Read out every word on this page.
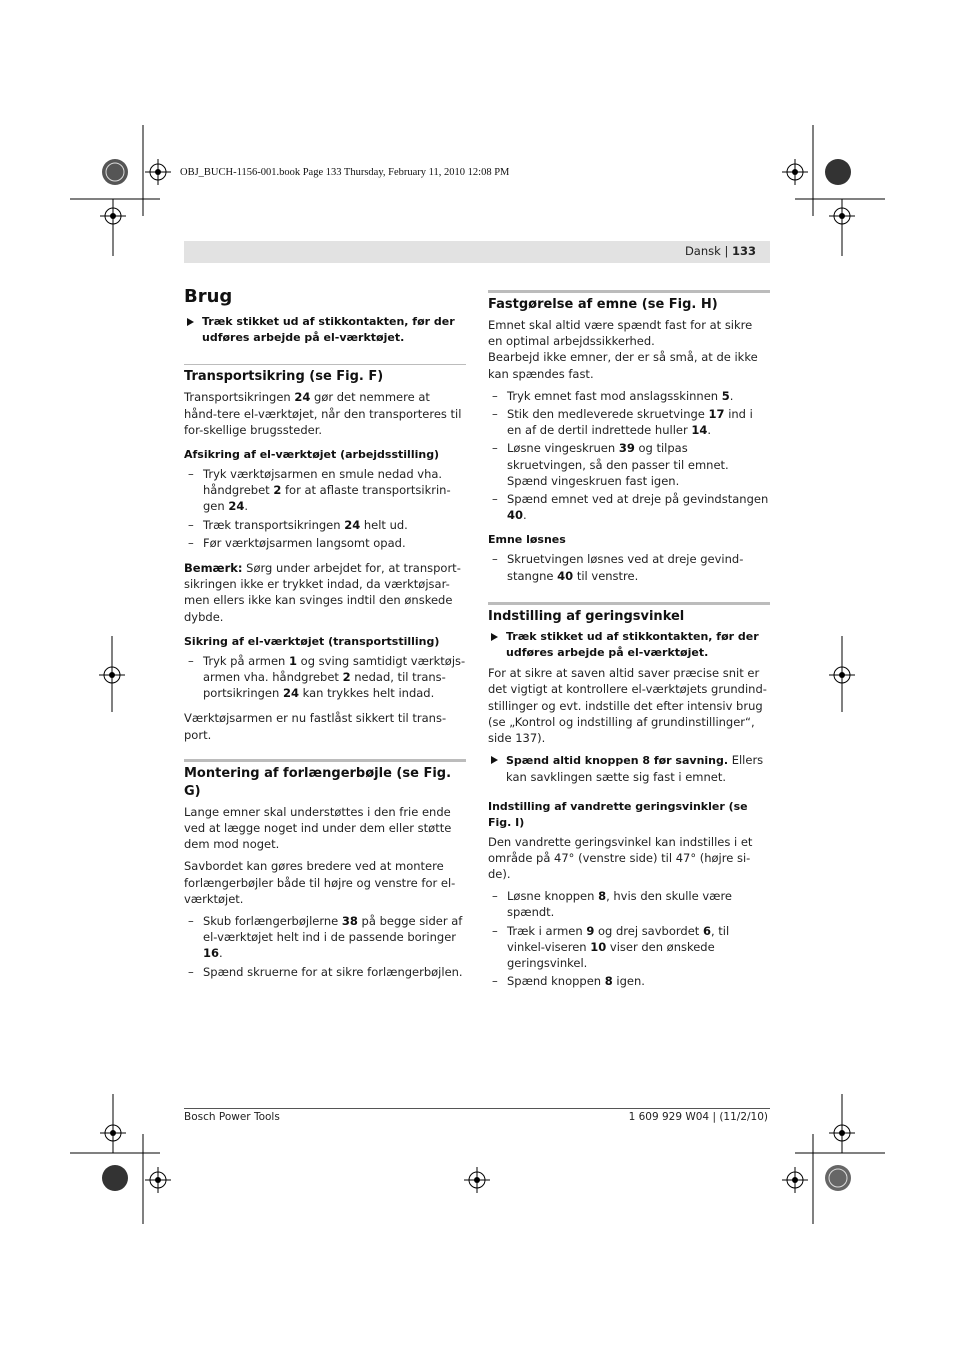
OBJ_BUCH-1156-001.book Page 133 Thursday, February 11, 2010 12:08 PM
Dansk | 133
Brug
Træk stikket ud af stikkontakten, før der udføres arbejde på el-værktøjet.
Transportsikring (se Fig. F)
Transportsikringen 24 gør det nemmere at hånd-tere el-værktøjet, når den transporteres til for-skellige brugssteder.
Afsikring af el-værktøjet (arbejdsstilling)
– Tryk værktøjsarmen en smule nedad vha. håndgrebet 2 for at aflaste transportsikrin-gen 24.
– Træk transportsikringen 24 helt ud.
– Før værktøjsarmen langsomt opad.
Bemærk: Sørg under arbejdet for, at transport-sikringen ikke er trykket indad, da værktøjsar-men ellers ikke kan svinges indtil den ønskede dybde.
Sikring af el-værktøjet (transportstilling)
– Tryk på armen 1 og sving samtidigt værktøjs-armen vha. håndgrebet 2 nedad, til trans-portsikringen 24 kan trykkes helt indad.
Værktøjsarmen er nu fastlåst sikkert til trans-port.
Montering af forlængerbøjle (se Fig. G)
Lange emner skal understøttes i den frie ende ved at lægge noget ind under dem eller støtte dem mod noget.
Savbordet kan gøres bredere ved at montere forlængerbøjler både til højre og venstre for el-værktøjet.
– Skub forlængerbøjlerne 38 på begge sider af el-værktøjet helt ind i de passende boringer 16.
– Spænd skruerne for at sikre forlængerbøjlen.
Fastgørelse af emne (se Fig. H)
Emnet skal altid være spændt fast for at sikre en optimal arbejdssikkerhed.
Bearbejd ikke emner, der er så små, at de ikke kan spændes fast.
– Tryk emnet fast mod anslagsskinnen 5.
– Stik den medleverede skruetvinge 17 ind i en af de dertil indrettede huller 14.
– Løsne vingeskruen 39 og tilpas skruetvingen, så den passer til emnet. Spænd vingeskruen fast igen.
– Spænd emnet ved at dreje på gevindstangen 40.
Emne løsnes
– Skruetvingen løsnes ved at dreje gevind-stangne 40 til venstre.
Indstilling af geringsvinkel
Træk stikket ud af stikkontakten, før der udføres arbejde på el-værktøjet.
For at sikre at saven altid saver præcise snit er det vigtigt at kontrollere el-værktøjets grundind-stillinger og evt. indstille det efter intensiv brug (se „Kontrol og indstilling af grundinstillinger“, side 137).
Spænd altid knoppen 8 før savning. Ellers kan savklingen sætte sig fast i emnet.
Indstilling af vandrette geringsvinkler (se Fig. I)
Den vandrette geringsvinkel kan indstilles i et område på 47° (venstre side) til 47° (højre si-de).
– Løsne knoppen 8, hvis den skulle være spændt.
– Træk i armen 9 og drej savbordet 6, til vinkel-viseren 10 viser den ønskede geringsvinkel.
– Spænd knoppen 8 igen.
Bosch Power Tools	1 609 929 W04 | (11/2/10)
